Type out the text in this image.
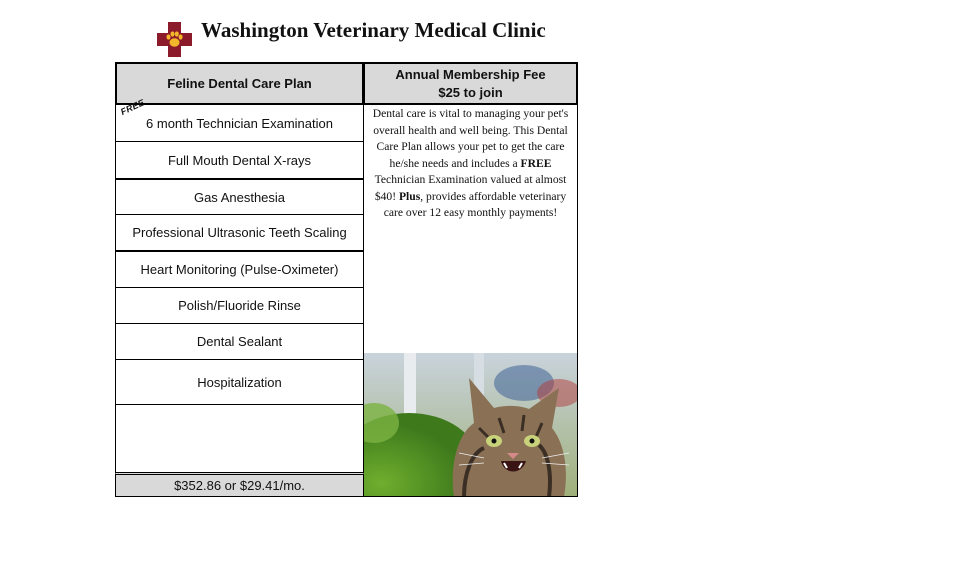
Washington Veterinary Medical Clinic
Feline Dental Care Plan
Annual Membership Fee
$25 to join
FREE
6 month Technician Examination
Full Mouth Dental X-rays
Gas Anesthesia
Professional Ultrasonic Teeth Scaling
Heart Monitoring (Pulse-Oximeter)
Polish/Fluoride Rinse
Dental Sealant
Hospitalization
$352.86 or $29.41/mo.
Dental care is vital to managing your pet's overall health and well being. This Dental Care Plan allows your pet to get the care he/she needs and includes a FREE Technician Examination valued at almost $40! Plus, provides affordable veterinary care over 12 easy monthly payments!
